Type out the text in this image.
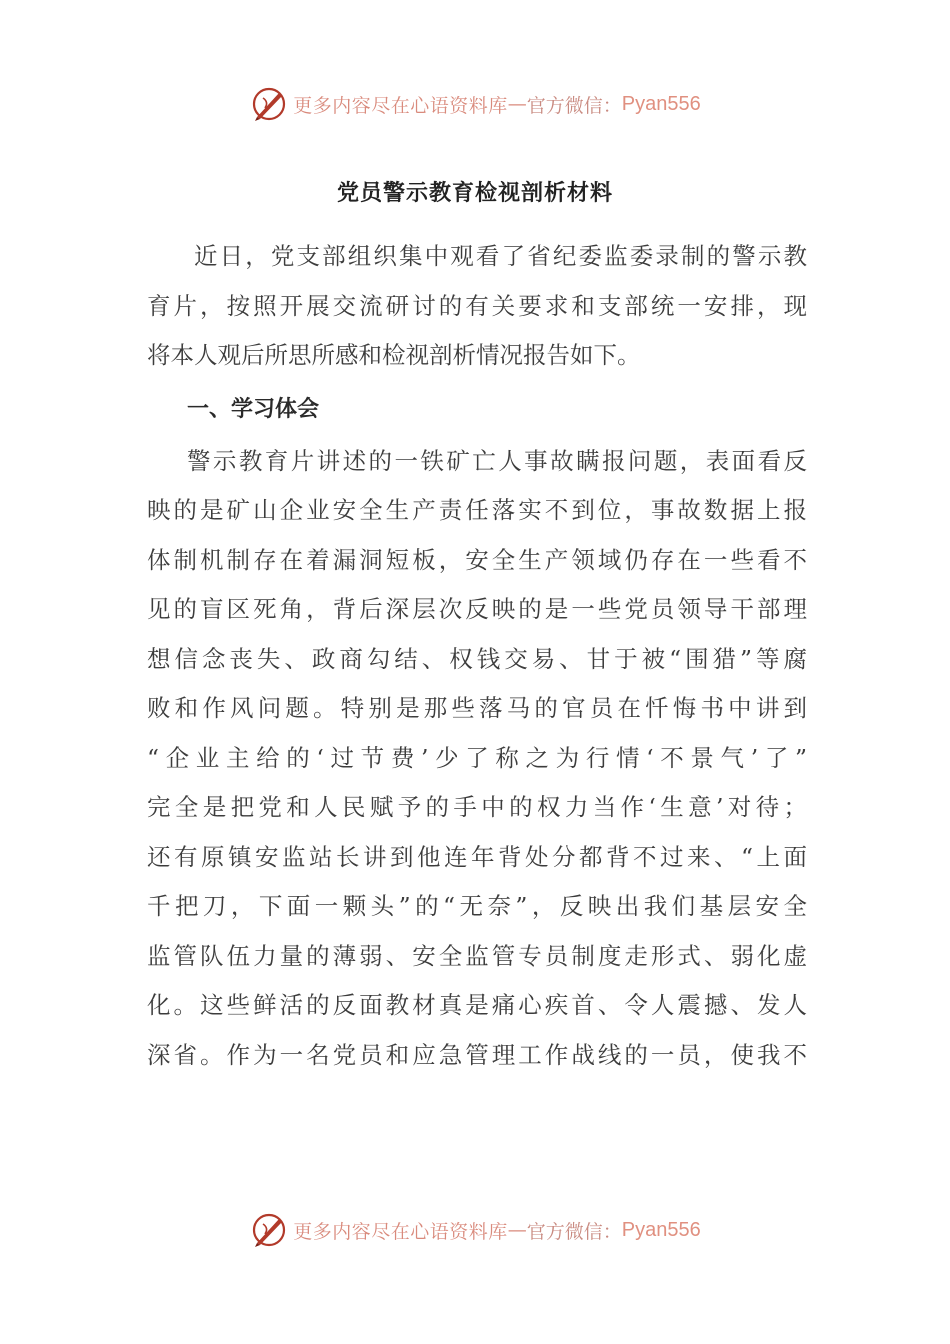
更多内容尽在心语资料库 — 官方微信： Pyan556
党员警示教育检视剖析材料

近日，党支部组织集中观看了省纪委监委录制的警示教
育片，按照开展交流研讨的有关要求和支部统一安排，现

将本人观后所思所感和检视剖析情况报告如下。

一、学习体会

警示教育片讲述的一铁矿亡人事故瞒报问题，表面看反
映的是矿山企业安全生产责任落实不到位，事故数据上报
体制机制存在着漏洞短板，安全生产领域仍存在一些看不
见的盲区死角，背后深层次反映的是一些党员领导干部理
想信念丧失、政商勾结、权钱交易、甘于被“围猎”等腐
败和作风问题。特别是那些落马的官员在忏悔书中讲到
“企业主给的‘过节费’少了称之为行情‘不景气’了”
完全是把党和人民赋予的手中的权力当作‘生意’对待；
还有原镇安监站长讲到他连年背处分都背不过来、“上面
千把刀，下面一颗头”的“无奈”，反映出我们基层安全
监管队伍力量的薄弱、安全监管专员制度走形式、弱化虚
化。这些鲜活的反面教材真是痛心疾首、令人震撼、发人
深省。作为一名党员和应急管理工作战线的一员，使我不

更多内容尽在心语资料库 — 官方微信： Pyan556
